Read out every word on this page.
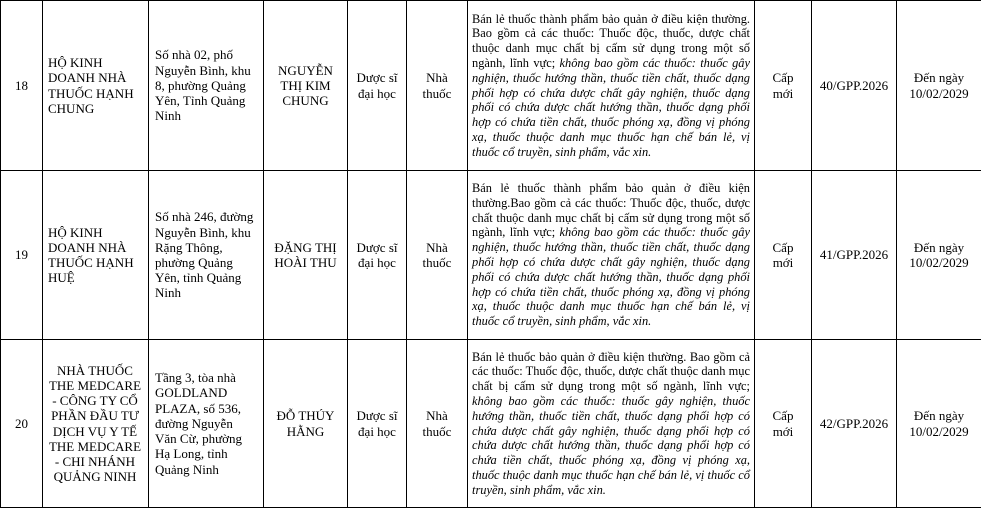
18	HỘ KINH DOANH NHÀ THUỐC HẠNH CHUNG	Số nhà 02, phố Nguyễn Bình, khu 8, phường Quảng Yên, Tỉnh Quảng Ninh	NGUYỄN THỊ KIM CHUNG	Dược sĩ đại học	Nhà thuốc	Bán lẻ thuốc thành phẩm bảo quản ở điều kiện thường. Bao gồm cả các thuốc: Thuốc độc, thuốc, dược chất thuộc danh mục chất bị cấm sử dụng trong một số ngành, lĩnh vực; không bao gồm các thuốc: thuốc gây nghiện, thuốc hướng thần, thuốc tiền chất, thuốc dạng phối hợp có chứa dược chất gây nghiện, thuốc dạng phối có chứa dược chất hướng thần, thuốc dạng phối hợp có chứa tiền chất, thuốc phóng xạ, đồng vị phóng xạ, thuốc thuộc danh mục thuốc hạn chế bán lẻ, vị thuốc cổ truyền, sinh phẩm, vắc xin.	Cấp mới	40/GPP.2026	Đến ngày 10/02/2029
19	HỘ KINH DOANH NHÀ THUỐC HẠNH HUỆ	Số nhà 246, đường Nguyễn Bình, khu Rặng Thông, phường Quảng Yên, tỉnh Quảng Ninh	ĐẶNG THỊ HOÀI THU	Dược sĩ đại học	Nhà thuốc	Bán lẻ thuốc thành phẩm bảo quản ở điều kiện thường.Bao gồm cả các thuốc: Thuốc độc, thuốc, dược chất thuộc danh mục chất bị cấm sử dụng trong một số ngành, lĩnh vực; không bao gồm các thuốc: thuốc gây nghiện, thuốc hướng thần, thuốc tiền chất, thuốc dạng phối hợp có chứa dược chất gây nghiện, thuốc dạng phối có chứa dược chất hướng thần, thuốc dạng phối hợp có chứa tiền chất, thuốc phóng xạ, đồng vị phóng xạ, thuốc thuộc danh mục thuốc hạn chế bán lẻ, vị thuốc cổ truyền, sinh phẩm, vắc xin.	Cấp mới	41/GPP.2026	Đến ngày 10/02/2029
20	NHÀ THUỐC THE MEDCARE - CÔNG TY CỔ PHẦN ĐẦU TƯ DỊCH VỤ Y TẾ THE MEDCARE - CHI NHÁNH QUẢNG NINH	Tầng 3, tòa nhà GOLDLAND PLAZA, số 536, đường Nguyễn Văn Cừ, phường Hạ Long, tỉnh Quảng Ninh	ĐỖ THÚY HẰNG	Dược sĩ đại học	Nhà thuốc	Bán lẻ thuốc bảo quản ở điều kiện thường. Bao gồm cả các thuốc: Thuốc độc, thuốc, dược chất thuộc danh mục chất bị cấm sử dụng trong một số ngành, lĩnh vực; không bao gồm các thuốc: thuốc gây nghiện, thuốc hướng thần, thuốc tiền chất, thuốc dạng phối hợp có chứa dược chất gây nghiện, thuốc dạng phối hợp có chứa dược chất hướng thần, thuốc dạng phối hợp có chứa tiền chất, thuốc phóng xạ, đồng vị phóng xạ, thuốc thuộc danh mục thuốc hạn chế bán lẻ, vị thuốc cổ truyền, sinh phẩm, vắc xin.	Cấp mới	42/GPP.2026	Đến ngày 10/02/2029
